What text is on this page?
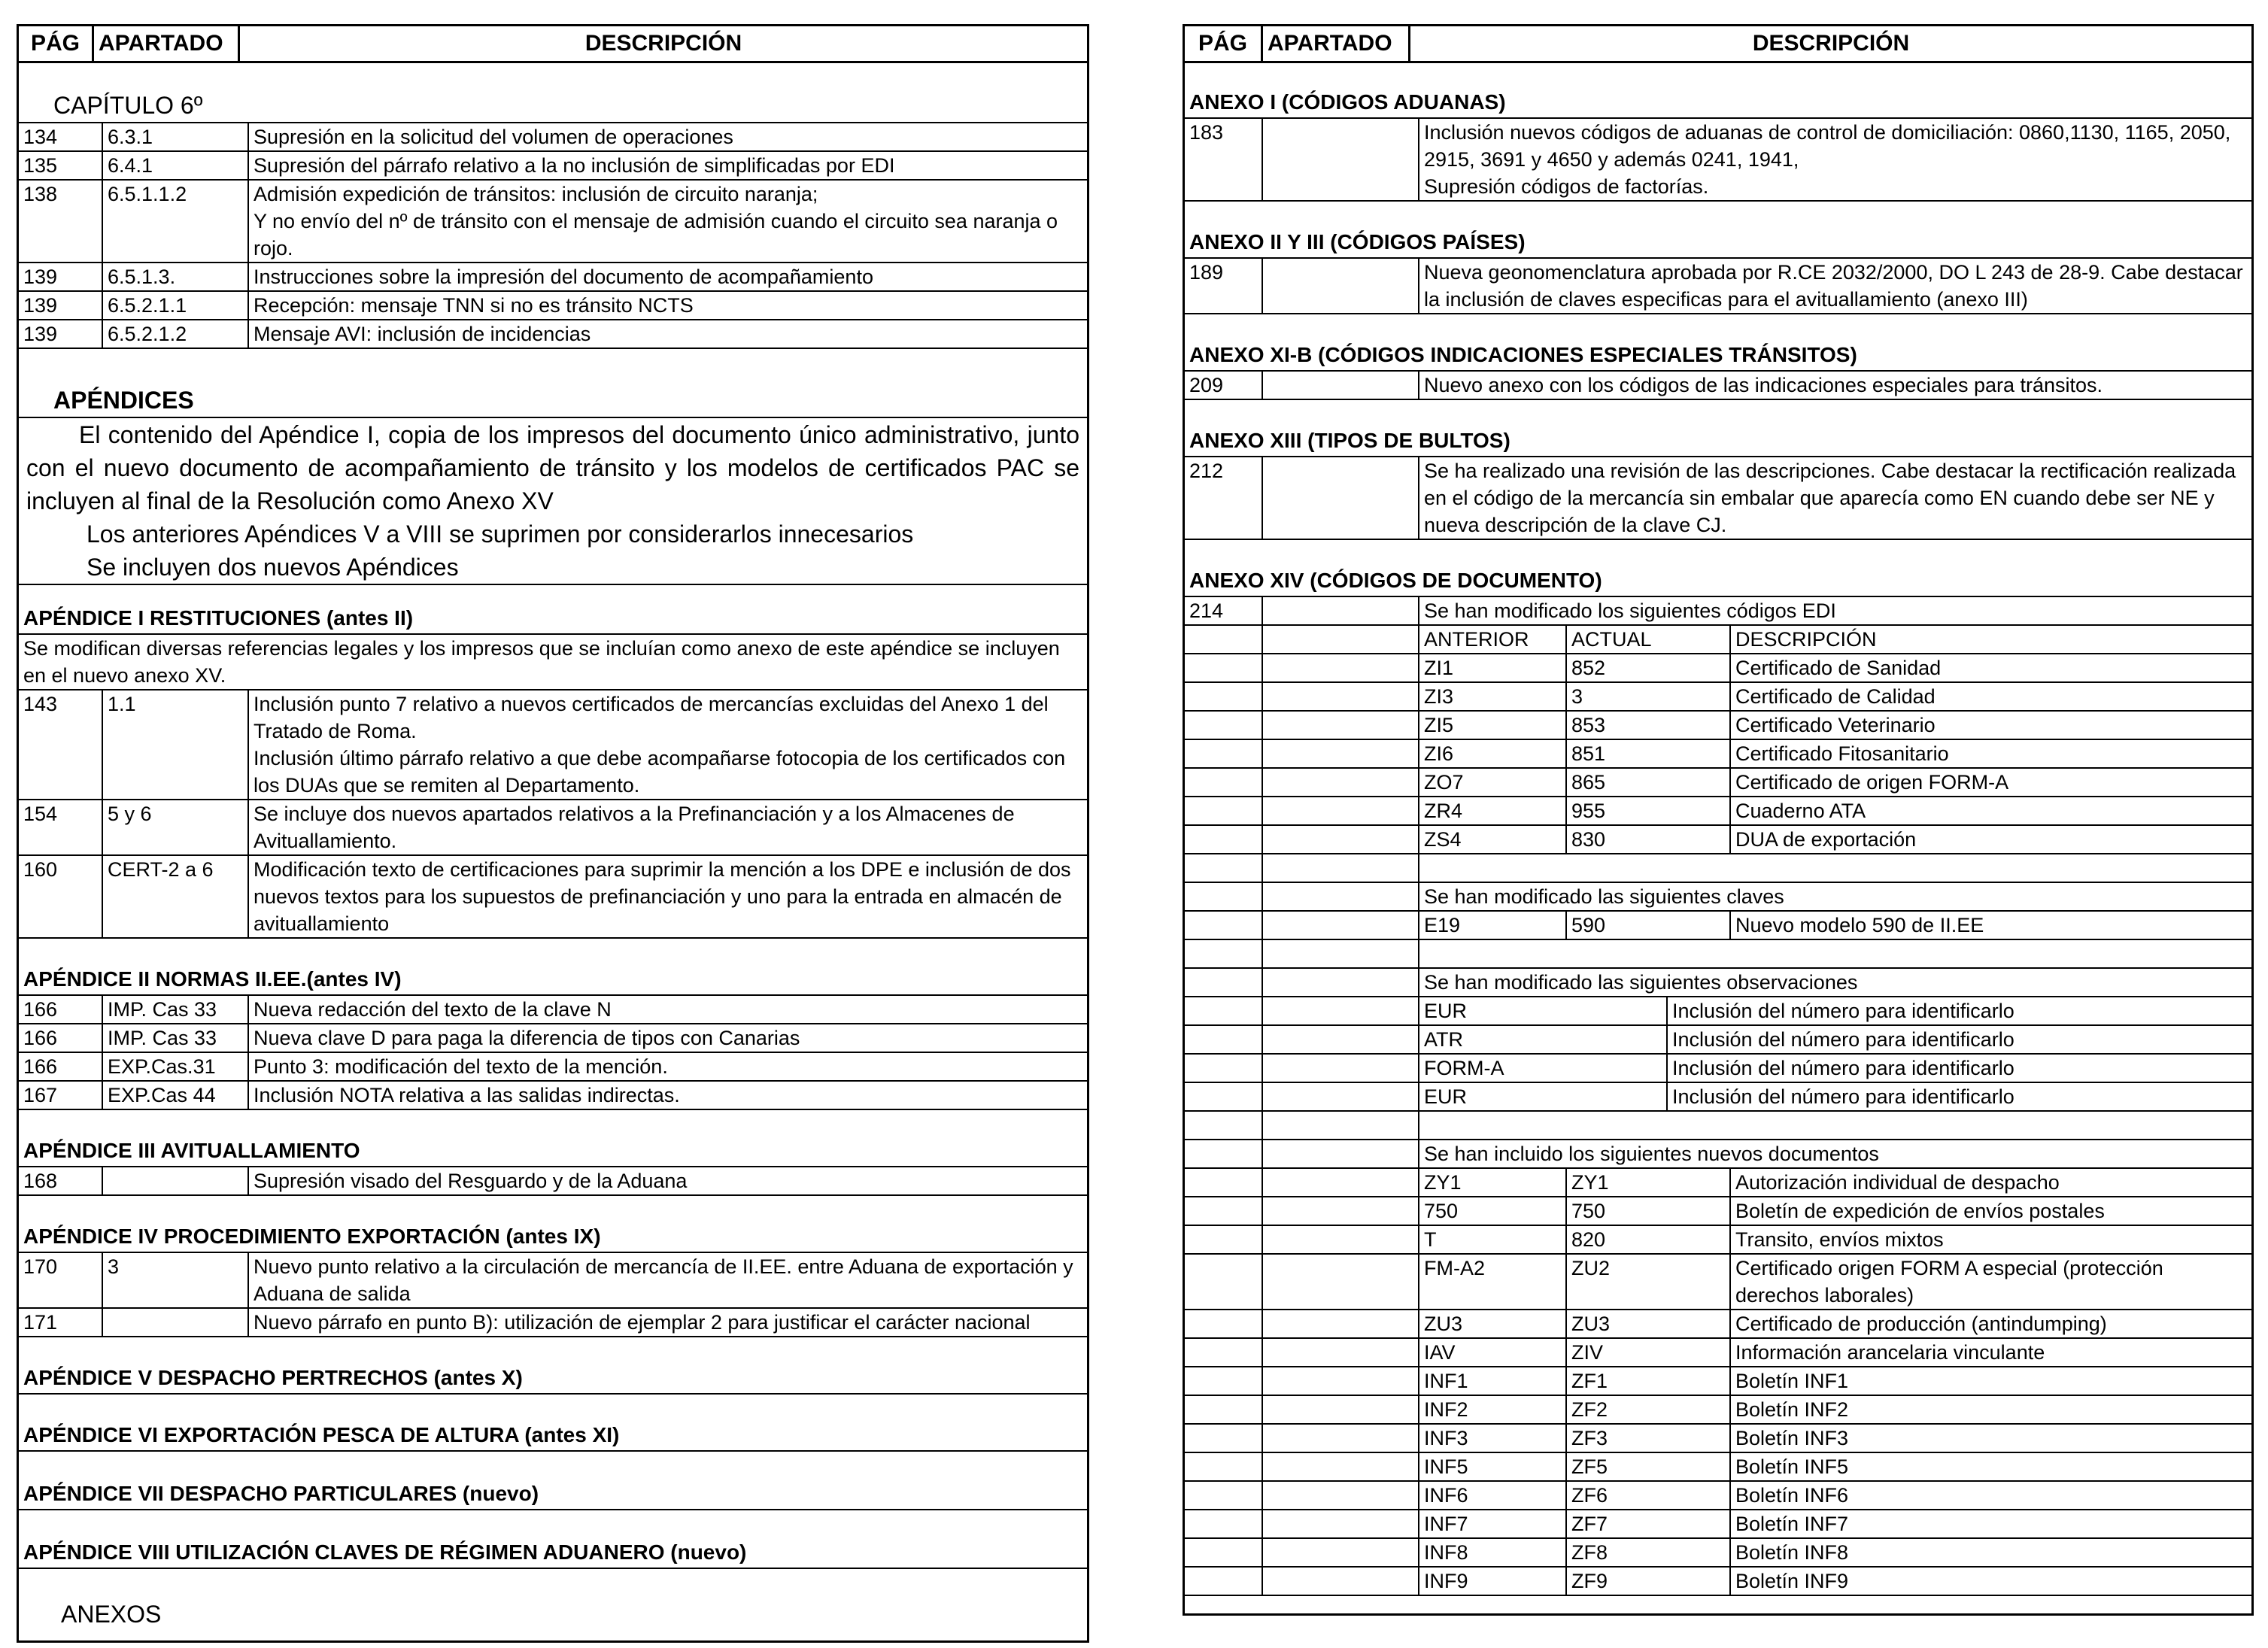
PÁG APARTADO	DESCRIPCIÓN
CAPÍTULO 6º
134	6.3.1	Supresión en la solicitud del volumen de operaciones
135	6.4.1	Supresión del párrafo relativo a la no inclusión de simplificadas por EDI
138	6.5.1.1.2	Admisión expedición de tránsitos: inclusión de circuito naranja;
Y no envío del nº de tránsito con el mensaje de admisión cuando el circuito sea naranja o rojo.
139	6.5.1.3.	Instrucciones sobre la impresión del documento de acompañamiento
139	6.5.2.1.1	Recepción: mensaje TNN si no es tránsito NCTS
139	6.5.2.1.2	Mensaje AVI: inclusión de incidencias
APÉNDICES

El contenido del Apéndice I, copia de los impresos del documento único administrativo, junto con el nuevo documento de acompañamiento de tránsito y los modelos de certificados PAC se incluyen al final de la Resolución como Anexo XV

Los anteriores Apéndices V a VIII se suprimen por considerarlos innecesarios

Se incluyen dos nuevos Apéndices

APÉNDICE I RESTITUCIONES (antes II)
Se modifican diversas referencias legales y los impresos que se incluían como anexo de este apéndice se incluyen en el nuevo anexo XV.
143	1.1	Inclusión punto 7 relativo a nuevos certificados de mercancías excluidas del Anexo 1 del Tratado de Roma.
Inclusión último párrafo relativo a que debe acompañarse fotocopia de los certificados con los DUAs que se remiten al Departamento.
154	5 y 6	Se incluye dos nuevos apartados relativos a la Prefinanciación y a los Almacenes de Avituallamiento.
160	CERT-2 a 6	Modificación texto de certificaciones para suprimir la mención a los DPE e inclusión de dos nuevos textos para los supuestos de prefinanciación y uno para la entrada en almacén de avituallamiento
APÉNDICE II NORMAS II.EE.(antes IV)
166	IMP. Cas 33	Nueva redacción del texto de la clave N
166	IMP. Cas 33	Nueva clave D para paga la diferencia de tipos con Canarias
166	EXP.Cas.31	Punto 3: modificación del texto de la mención.
167	EXP.Cas 44	Inclusión NOTA relativa a las salidas indirectas.
APÉNDICE III AVITUALLAMIENTO
168	Supresión visado del Resguardo y de la Aduana
APÉNDICE IV PROCEDIMIENTO EXPORTACIÓN (antes IX)
170	3	Nuevo punto relativo a la circulación de mercancía de II.EE. entre Aduana de exportación y Aduana de salida
171	Nuevo párrafo en punto B): utilización de ejemplar 2 para justificar el carácter nacional
APÉNDICE V DESPACHO PERTRECHOS (antes X)
APÉNDICE VI EXPORTACIÓN PESCA DE ALTURA (antes XI)
APÉNDICE VII DESPACHO PARTICULARES (nuevo)
APÉNDICE VIII UTILIZACIÓN CLAVES DE RÉGIMEN ADUANERO (nuevo)
ANEXOS
PÁG APARTADO	DESCRIPCIÓN
ANEXO I (CÓDIGOS ADUANAS)
183	Inclusión nuevos códigos de aduanas de control de domiciliación: 0860,1130, 1165, 2050, 2915, 3691 y 4650 y además 0241, 1941,
Supresión códigos de factorías.
ANEXO II Y III (CÓDIGOS PAÍSES)
189	Nueva geonomenclatura aprobada por R.CE 2032/2000, DO L 243 de 28-9. Cabe destacar la inclusión de claves especificas para el avituallamiento (anexo III)
ANEXO XI-B (CÓDIGOS INDICACIONES ESPECIALES TRÁNSITOS)
209	Nuevo anexo con los códigos de las indicaciones especiales para tránsitos.
ANEXO XIII (TIPOS DE BULTOS)
212	Se ha realizado una revisión de las descripciones. Cabe destacar la rectificación realizada en el código de la mercancía sin embalar que aparecía como EN cuando debe ser NE y nueva descripción de la clave CJ.
ANEXO XIV (CÓDIGOS DE DOCUMENTO)
214	Se han modificado los siguientes códigos EDI
ANTERIOR	ACTUAL	DESCRIPCIÓN
ZI1	852	Certificado de Sanidad
ZI3	3	Certificado de Calidad
ZI5	853	Certificado Veterinario
ZI6	851	Certificado Fitosanitario
ZO7	865	Certificado de origen FORM-A
ZR4	955	Cuaderno ATA
ZS4	830	DUA de exportación
Se han modificado las siguientes claves
E19	590	Nuevo modelo 590 de II.EE
Se han modificado las siguientes observaciones
EUR	Inclusión del número para identificarlo
ATR	Inclusión del número para identificarlo
FORM-A	Inclusión del número para identificarlo
EUR	Inclusión del número para identificarlo
Se han incluido los siguientes nuevos documentos
ZY1	ZY1	Autorización individual de despacho
750	750	Boletín de expedición de envíos postales
T	820	Transito, envíos mixtos
FM-A2	ZU2	Certificado origen FORM A especial (protección derechos laborales)
ZU3	ZU3	Certificado de producción (antindumping)
IAV	ZIV	Información arancelaria vinculante
INF1	ZF1	Boletín INF1
INF2	ZF2	Boletín INF2
INF3	ZF3	Boletín INF3
INF5	ZF5	Boletín INF5
INF6	ZF6	Boletín INF6
INF7	ZF7	Boletín INF7
INF8	ZF8	Boletín INF8
INF9	ZF9	Boletín INF9
